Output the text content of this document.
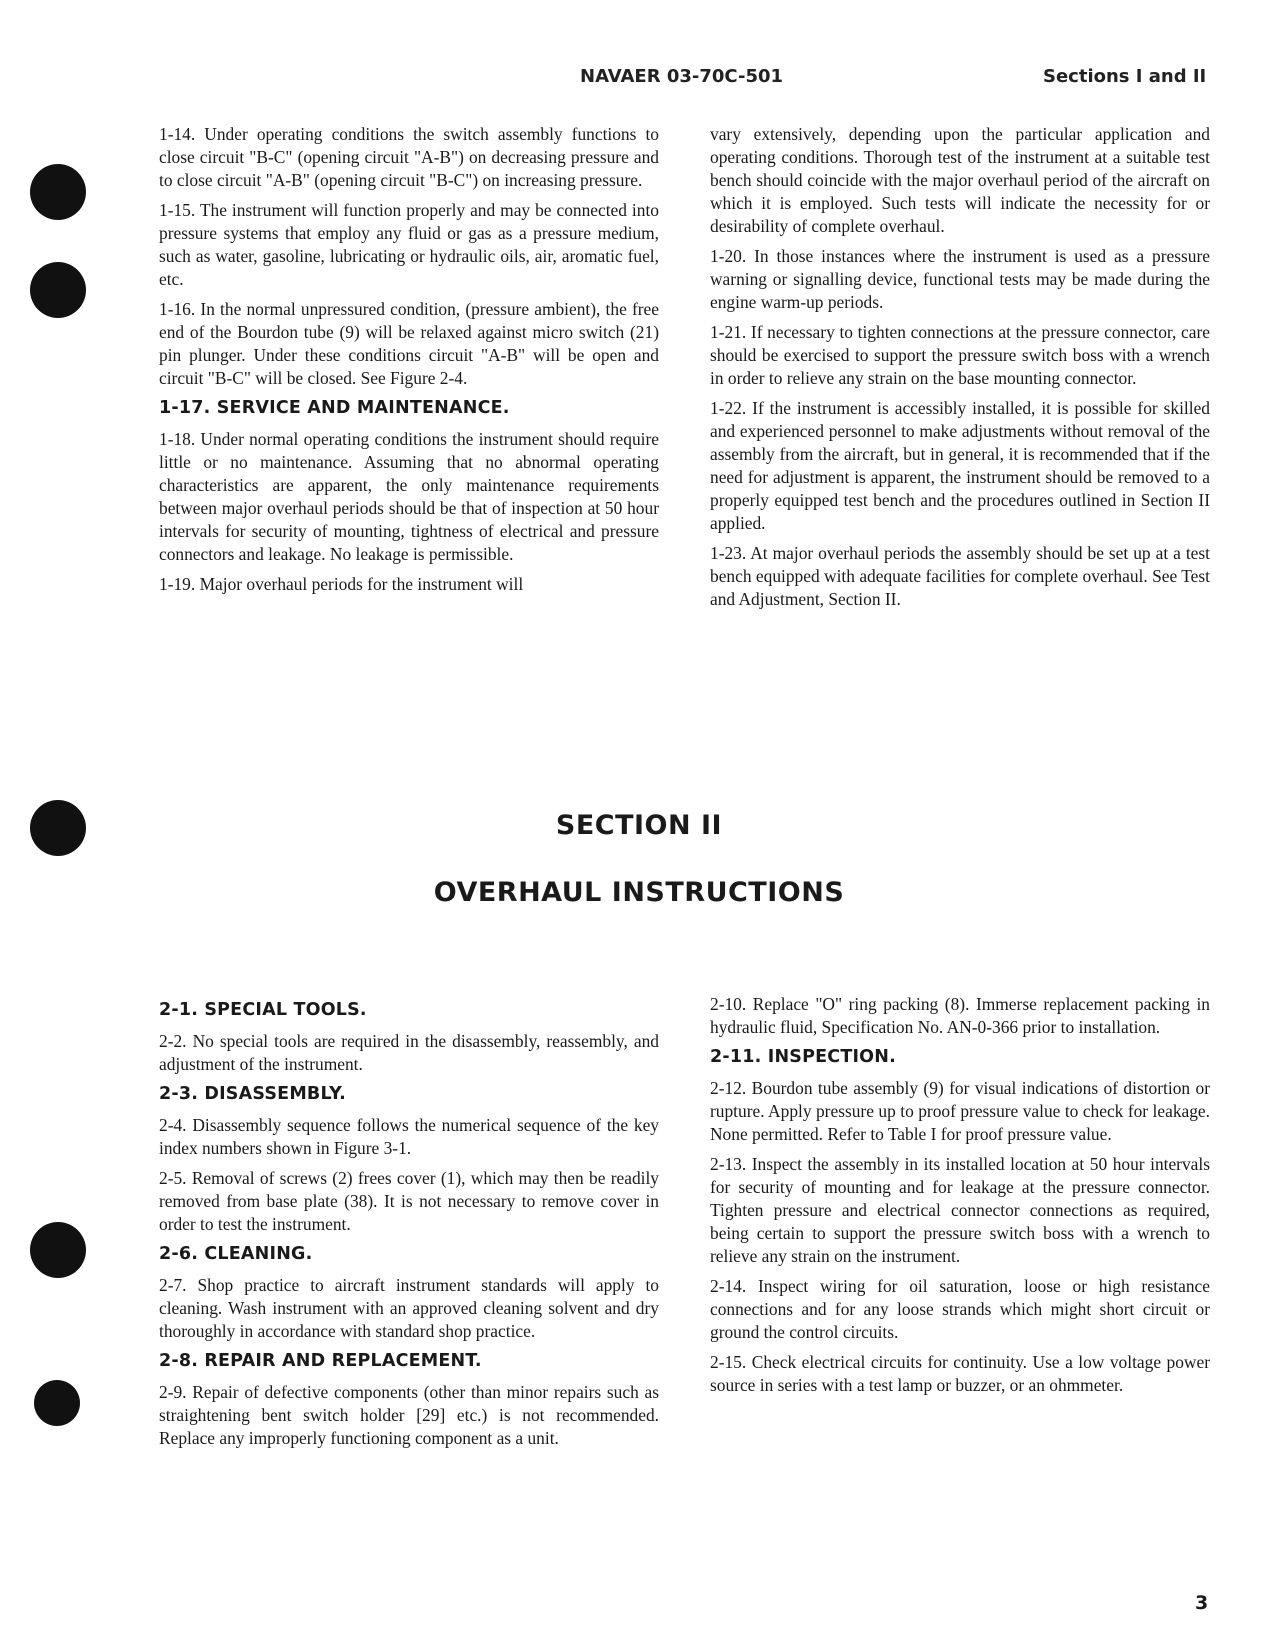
NAVAER 03-70C-501	Sections I and II

1-14. Under operating conditions the switch assembly functions to close circuit "B-C" (opening circuit "A-B") on decreasing pressure and to close circuit "A-B" (opening circuit "B-C") on increasing pressure.

1-15. The instrument will function properly and may be connected into pressure systems that employ any fluid or gas as a pressure medium, such as water, gasoline, lubricating or hydraulic oils, air, aromatic fuel, etc.

1-16. In the normal unpressured condition, (pressure ambient), the free end of the Bourdon tube (9) will be relaxed against micro switch (21) pin plunger. Under these conditions circuit "A-B" will be open and circuit "B-C" will be closed. See Figure 2-4.

1-17. SERVICE AND MAINTENANCE.

1-18. Under normal operating conditions the instrument should require little or no maintenance. Assuming that no abnormal operating characteristics are apparent, the only maintenance requirements between major overhaul periods should be that of inspection at 50 hour intervals for security of mounting, tightness of electrical and pressure connectors and leakage. No leakage is permissible.

1-19. Major overhaul periods for the instrument will

vary extensively, depending upon the particular application and operating conditions. Thorough test of the instrument at a suitable test bench should coincide with the major overhaul period of the aircraft on which it is employed. Such tests will indicate the necessity for or desirability of complete overhaul.

1-20. In those instances where the instrument is used as a pressure warning or signalling device, functional tests may be made during the engine warm-up periods.

1-21. If necessary to tighten connections at the pressure connector, care should be exercised to support the pressure switch boss with a wrench in order to relieve any strain on the base mounting connector.

1-22. If the instrument is accessibly installed, it is possible for skilled and experienced personnel to make adjustments without removal of the assembly from the aircraft, but in general, it is recommended that if the need for adjustment is apparent, the instrument should be removed to a properly equipped test bench and the procedures outlined in Section II applied.

1-23. At major overhaul periods the assembly should be set up at a test bench equipped with adequate facilities for complete overhaul. See Test and Adjustment, Section II.

SECTION II
OVERHAUL INSTRUCTIONS
2-1. SPECIAL TOOLS.

2-2. No special tools are required in the disassembly, reassembly, and adjustment of the instrument.

2-3. DISASSEMBLY.

2-4. Disassembly sequence follows the numerical sequence of the key index numbers shown in Figure 3-1.

2-5. Removal of screws (2) frees cover (1), which may then be readily removed from base plate (38). It is not necessary to remove cover in order to test the instrument.

2-6. CLEANING.

2-7. Shop practice to aircraft instrument standards will apply to cleaning. Wash instrument with an approved cleaning solvent and dry thoroughly in accordance with standard shop practice.

2-8. REPAIR AND REPLACEMENT.

2-9. Repair of defective components (other than minor repairs such as straightening bent switch holder [29] etc.) is not recommended. Replace any improperly functioning component as a unit.

2-10. Replace "O" ring packing (8). Immerse replacement packing in hydraulic fluid, Specification No. AN-0-366 prior to installation.

2-11. INSPECTION.

2-12. Bourdon tube assembly (9) for visual indications of distortion or rupture. Apply pressure up to proof pressure value to check for leakage. None permitted. Refer to Table I for proof pressure value.

2-13. Inspect the assembly in its installed location at 50 hour intervals for security of mounting and for leakage at the pressure connector. Tighten pressure and electrical connector connections as required, being certain to support the pressure switch boss with a wrench to relieve any strain on the instrument.

2-14. Inspect wiring for oil saturation, loose or high resistance connections and for any loose strands which might short circuit or ground the control circuits.

2-15. Check electrical circuits for continuity. Use a low voltage power source in series with a test lamp or buzzer, or an ohmmeter.

3
